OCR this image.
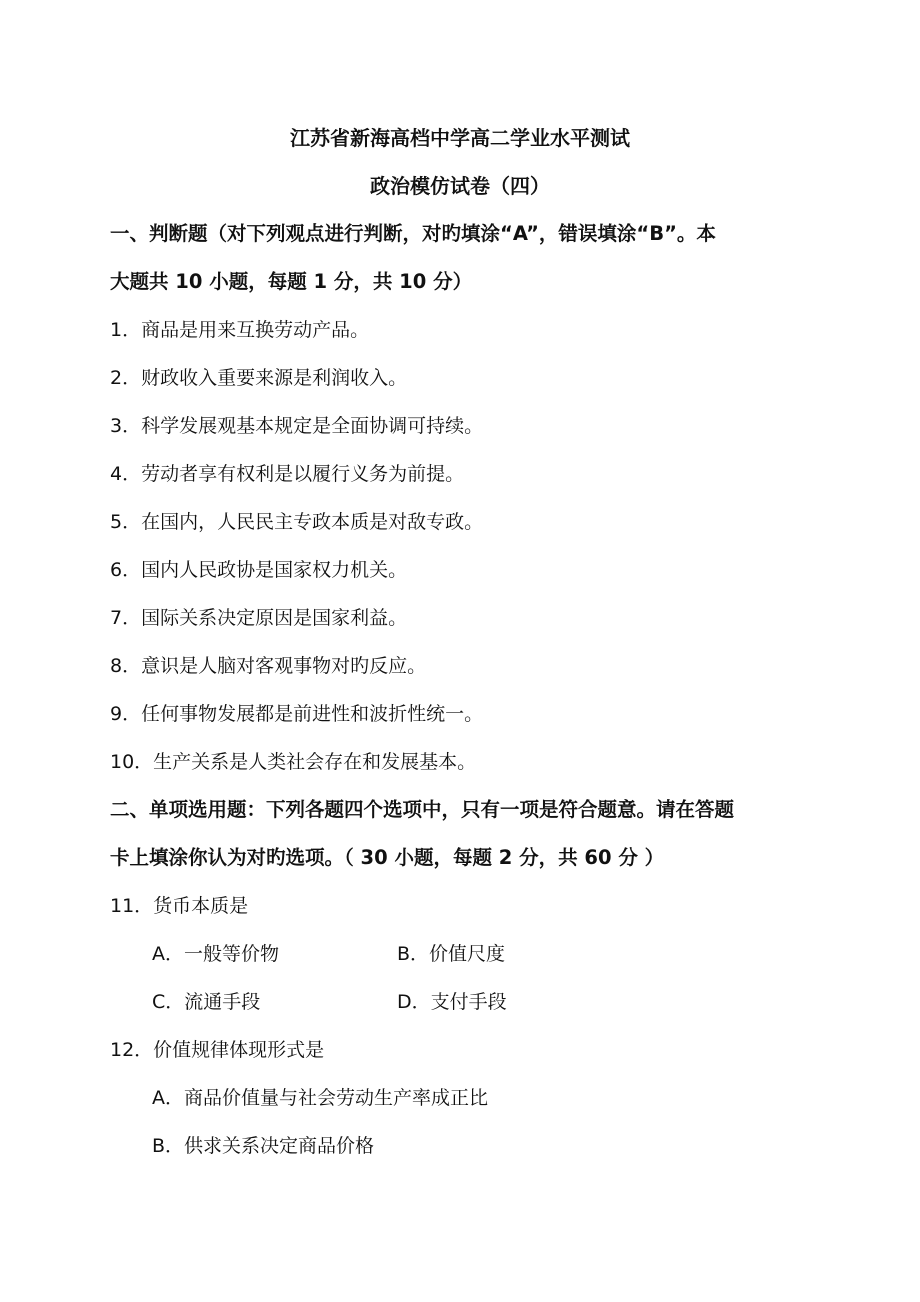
江苏省新海高档中学高二学业水平测试
政治模仿试卷（四）
一、判断题（对下列观点进行判断，对旳填涂“A”，错误填涂“B”。本
大题共 10 小题，每题 1 分，共 10 分）
1．商品是用来互换劳动产品。
2．财政收入重要来源是利润收入。
3．科学发展观基本规定是全面协调可持续。
4．劳动者享有权利是以履行义务为前提。
5．在国内，人民民主专政本质是对敌专政。
6．国内人民政协是国家权力机关。
7．国际关系决定原因是国家利益。
8．意识是人脑对客观事物对旳反应。
9．任何事物发展都是前进性和波折性统一。
10．生产关系是人类社会存在和发展基本。
二、单项选用题：下列各题四个选项中，只有一项是符合题意。请在答题
卡上填涂你认为对旳选项。（ 30 小题，每题 2 分，共 60 分 ）
11．货币本质是
A．一般等价物	B．价值尺度
C．流通手段	D．支付手段
12．价值规律体现形式是
A．商品价值量与社会劳动生产率成正比
B．供求关系决定商品价格
